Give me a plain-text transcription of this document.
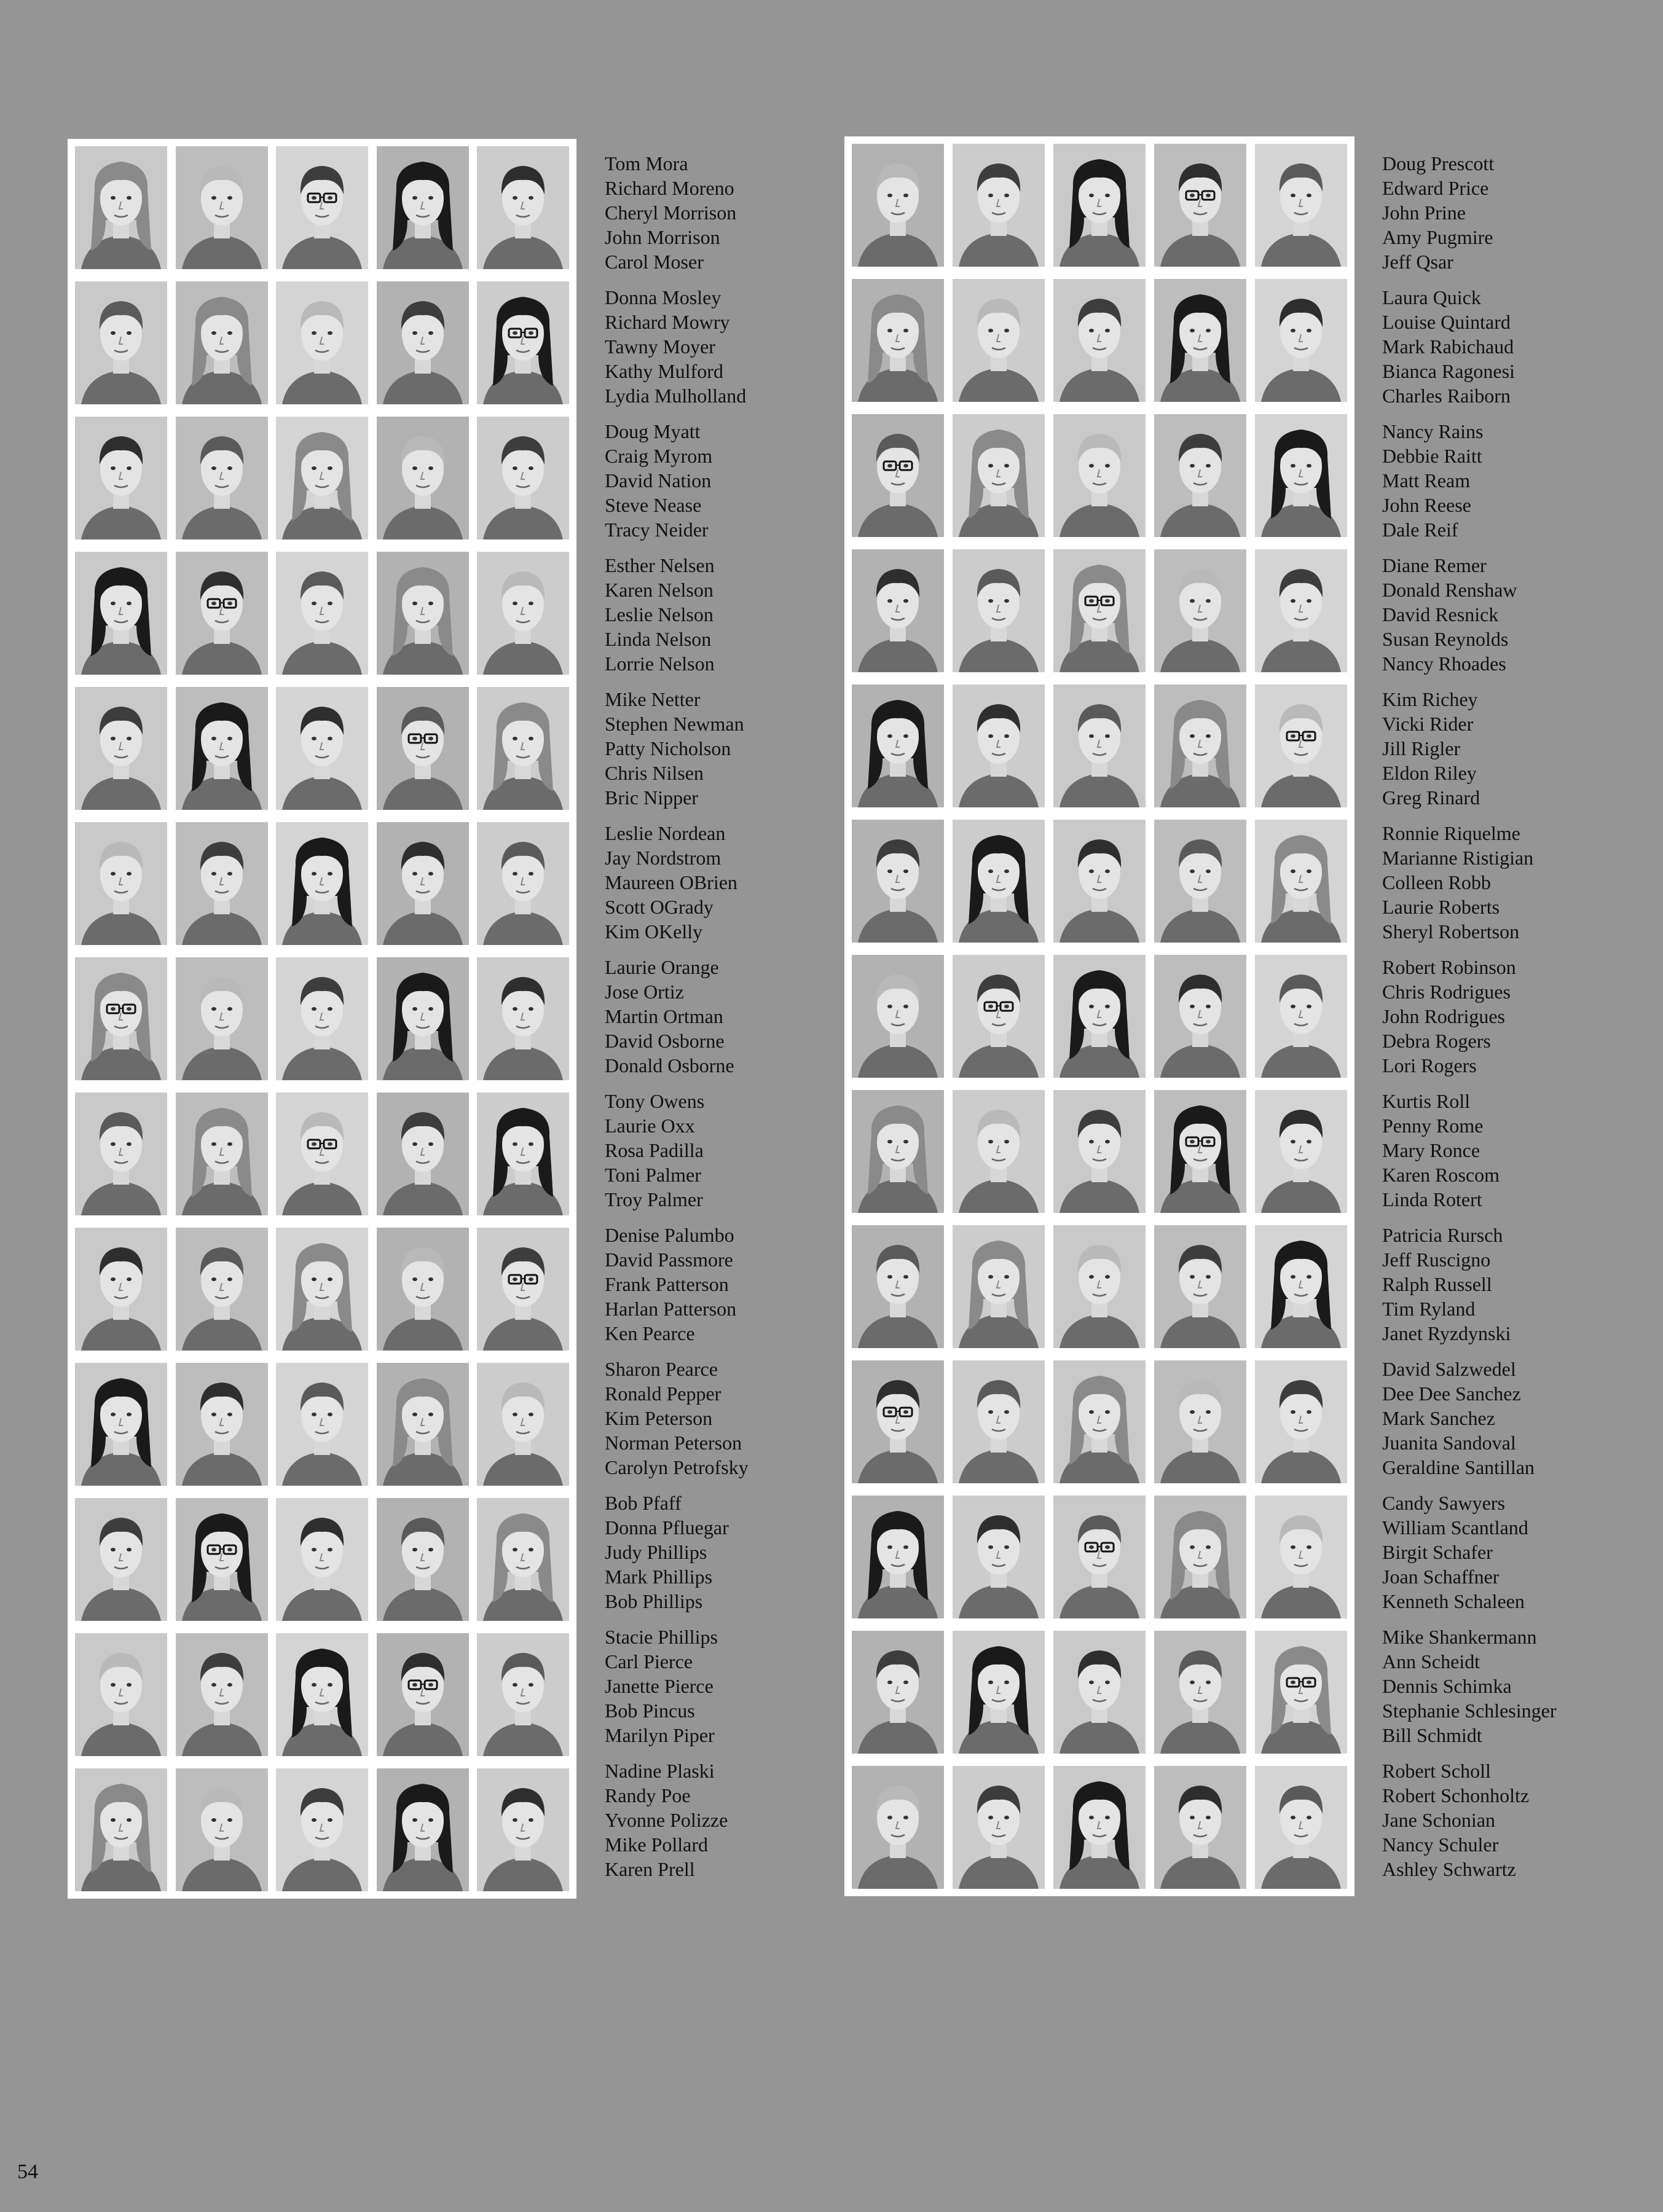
Tom Mora
Richard Moreno
Cheryl Morrison
John Morrison
Carol Moser
Donna Mosley
Richard Mowry
Tawny Moyer
Kathy Mulford
Lydia Mulholland
Doug Myatt
Craig Myrom
David Nation
Steve Nease
Tracy Neider
Esther Nelsen
Karen Nelson
Leslie Nelson
Linda Nelson
Lorrie Nelson
Mike Netter
Stephen Newman
Patty Nicholson
Chris Nilsen
Bric Nipper
Leslie Nordean
Jay Nordstrom
Maureen OBrien
Scott OGrady
Kim OKelly
Laurie Orange
Jose Ortiz
Martin Ortman
David Osborne
Donald Osborne
Tony Owens
Laurie Oxx
Rosa Padilla
Toni Palmer
Troy Palmer
Denise Palumbo
David Passmore
Frank Patterson
Harlan Patterson
Ken Pearce
Sharon Pearce
Ronald Pepper
Kim Peterson
Norman Peterson
Carolyn Petrofsky
Bob Pfaff
Donna Pfluegar
Judy Phillips
Mark Phillips
Bob Phillips
Stacie Phillips
Carl Pierce
Janette Pierce
Bob Pincus
Marilyn Piper
Nadine Plaski
Randy Poe
Yvonne Polizze
Mike Pollard
Karen Prell
Doug Prescott
Edward Price
John Prine
Amy Pugmire
Jeff Qsar
Laura Quick
Louise Quintard
Mark Rabichaud
Bianca Ragonesi
Charles Raiborn
Nancy Rains
Debbie Raitt
Matt Ream
John Reese
Dale Reif
Diane Remer
Donald Renshaw
David Resnick
Susan Reynolds
Nancy Rhoades
Kim Richey
Vicki Rider
Jill Rigler
Eldon Riley
Greg Rinard
Ronnie Riquelme
Marianne Ristigian
Colleen Robb
Laurie Roberts
Sheryl Robertson
Robert Robinson
Chris Rodrigues
John Rodrigues
Debra Rogers
Lori Rogers
Kurtis Roll
Penny Rome
Mary Ronce
Karen Roscom
Linda Rotert
Patricia Rursch
Jeff Ruscigno
Ralph Russell
Tim Ryland
Janet Ryzdynski
David Salzwedel
Dee Dee Sanchez
Mark Sanchez
Juanita Sandoval
Geraldine Santillan
Candy Sawyers
William Scantland
Birgit Schafer
Joan Schaffner
Kenneth Schaleen
Mike Shankermann
Ann Scheidt
Dennis Schimka
Stephanie Schlesinger
Bill Schmidt
Robert Scholl
Robert Schonholtz
Jane Schonian
Nancy Schuler
Ashley Schwartz
54
